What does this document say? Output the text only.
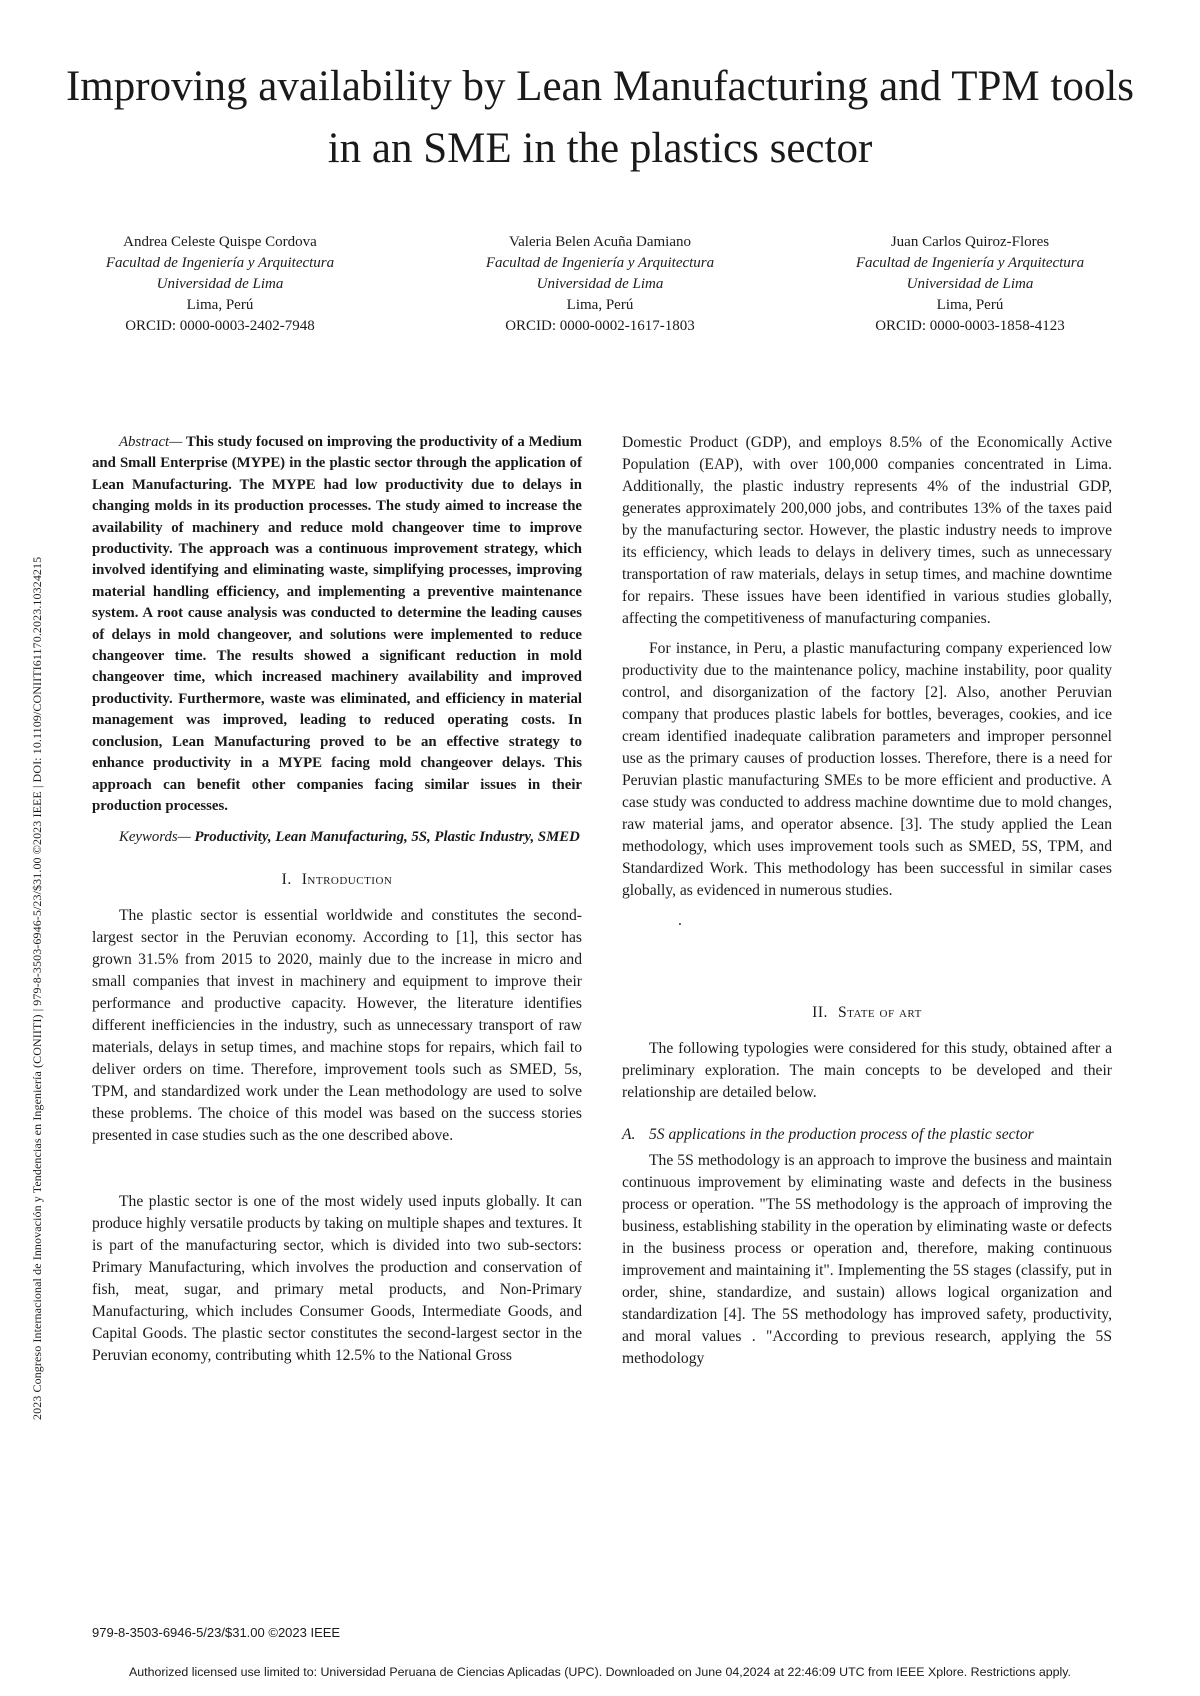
Improving availability by Lean Manufacturing and TPM tools in an SME in the plastics sector
Andrea Celeste Quispe Cordova
Facultad de Ingeniería y Arquitectura
Universidad de Lima
Lima, Perú
ORCID: 0000-0003-2402-7948
Valeria Belen Acuña Damiano
Facultad de Ingeniería y Arquitectura
Universidad de Lima
Lima, Perú
ORCID: 0000-0002-1617-1803
Juan Carlos Quiroz-Flores
Facultad de Ingeniería y Arquitectura
Universidad de Lima
Lima, Perú
ORCID: 0000-0003-1858-4123

Abstract— This study focused on improving the productivity of a Medium and Small Enterprise (MYPE) in the plastic sector through the application of Lean Manufacturing. The MYPE had low productivity due to delays in changing molds in its production processes. The study aimed to increase the availability of machinery and reduce mold changeover time to improve productivity. The approach was a continuous improvement strategy, which involved identifying and eliminating waste, simplifying processes, improving material handling efficiency, and implementing a preventive maintenance system. A root cause analysis was conducted to determine the leading causes of delays in mold changeover, and solutions were implemented to reduce changeover time. The results showed a significant reduction in mold changeover time, which increased machinery availability and improved productivity. Furthermore, waste was eliminated, and efficiency in material management was improved, leading to reduced operating costs. In conclusion, Lean Manufacturing proved to be an effective strategy to enhance productivity in a MYPE facing mold changeover delays. This approach can benefit other companies facing similar issues in their production processes.

Keywords— Productivity, Lean Manufacturing, 5S, Plastic Industry, SMED

I. Introduction

The plastic sector is essential worldwide and constitutes the second-largest sector in the Peruvian economy. According to [1], this sector has grown 31.5% from 2015 to 2020, mainly due to the increase in micro and small companies that invest in machinery and equipment to improve their performance and productive capacity. However, the literature identifies different inefficiencies in the industry, such as unnecessary transport of raw materials, delays in setup times, and machine stops for repairs, which fail to deliver orders on time. Therefore, improvement tools such as SMED, 5s, TPM, and standardized work under the Lean methodology are used to solve these problems. The choice of this model was based on the success stories presented in case studies such as the one described above.

The plastic sector is one of the most widely used inputs globally. It can produce highly versatile products by taking on multiple shapes and textures. It is part of the manufacturing sector, which is divided into two sub-sectors: Primary Manufacturing, which involves the production and conservation of fish, meat, sugar, and primary metal products, and Non-Primary Manufacturing, which includes Consumer Goods, Intermediate Goods, and Capital Goods. The plastic sector constitutes the second-largest sector in the Peruvian economy, contributing whith 12.5% to the National Gross

Domestic Product (GDP), and employs 8.5% of the Economically Active Population (EAP), with over 100,000 companies concentrated in Lima. Additionally, the plastic industry represents 4% of the industrial GDP, generates approximately 200,000 jobs, and contributes 13% of the taxes paid by the manufacturing sector. However, the plastic industry needs to improve its efficiency, which leads to delays in delivery times, such as unnecessary transportation of raw materials, delays in setup times, and machine downtime for repairs. These issues have been identified in various studies globally, affecting the competitiveness of manufacturing companies.

For instance, in Peru, a plastic manufacturing company experienced low productivity due to the maintenance policy, machine instability, poor quality control, and disorganization of the factory [2]. Also, another Peruvian company that produces plastic labels for bottles, beverages, cookies, and ice cream identified inadequate calibration parameters and improper personnel use as the primary causes of production losses. Therefore, there is a need for Peruvian plastic manufacturing SMEs to be more efficient and productive. A case study was conducted to address machine downtime due to mold changes, raw material jams, and operator absence. [3]. The study applied the Lean methodology, which uses improvement tools such as SMED, 5S, TPM, and Standardized Work. This methodology has been successful in similar cases globally, as evidenced in numerous studies.

.

II. State of art

The following typologies were considered for this study, obtained after a preliminary exploration. The main concepts to be developed and their relationship are detailed below.

A. 5S applications in the production process of the plastic sector

The 5S methodology is an approach to improve the business and maintain continuous improvement by eliminating waste and defects in the business process or operation. "The 5S methodology is the approach of improving the business, establishing stability in the operation by eliminating waste or defects in the business process or operation and, therefore, making continuous improvement and maintaining it". Implementing the 5S stages (classify, put in order, shine, standardize, and sustain) allows logical organization and standardization [4]. The 5S methodology has improved safety, productivity, and moral values . "According to previous research, applying the 5S methodology

2023 Congreso Internacional de Innovación y Tendencias en Ingeniería (CONIITI) | 979-8-3503-6946-5/23/$31.00 ©2023 IEEE | DOI: 10.1109/CONIITI61170.2023.10324215
979-8-3503-6946-5/23/$31.00 ©2023 IEEE
Authorized licensed use limited to: Universidad Peruana de Ciencias Aplicadas (UPC). Downloaded on June 04,2024 at 22:46:09 UTC from IEEE Xplore. Restrictions apply.
